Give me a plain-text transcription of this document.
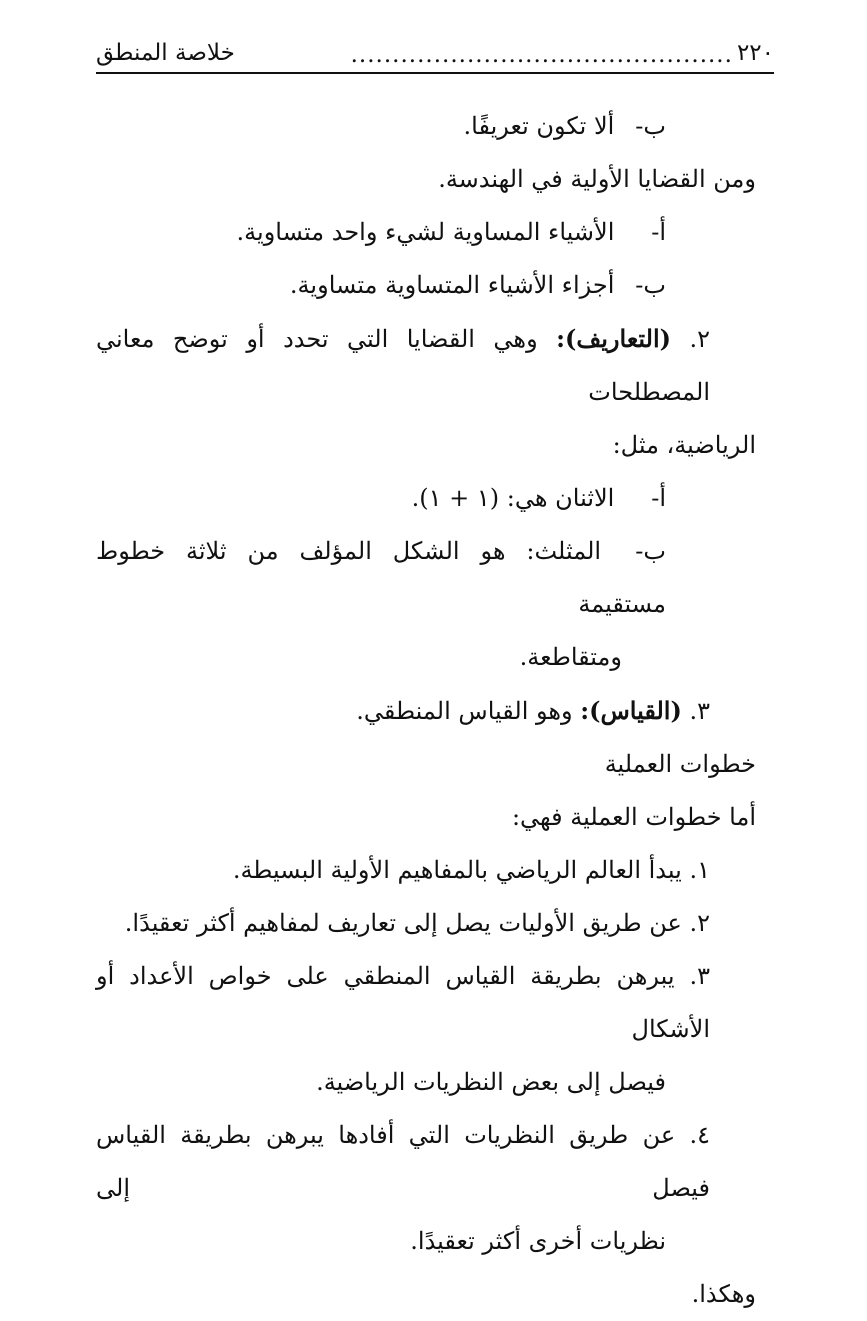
٢٢٠
..............................................
خلاصة المنطق
ب- ألا تكون تعريفًا.
ومن القضايا الأولية في الهندسة.
أ- الأشياء المساوية لشيء واحد متساوية.
ب- أجزاء الأشياء المتساوية متساوية.
٢. (التعاريف): وهي القضايا التي تحدد أو توضح معاني المصطلحات
الرياضية، مثل:
أ- الاثنان هي: (١ + ١).
ب- المثلث: هو الشكل المؤلف من ثلاثة خطوط مستقيمة
ومتقاطعة.
٣. (القياس): وهو القياس المنطقي.
خطوات العملية
أما خطوات العملية فهي:
١. يبدأ العالم الرياضي بالمفاهيم الأولية البسيطة.
٢. عن طريق الأوليات يصل إلى تعاريف لمفاهيم أكثر تعقيدًا.
٣. يبرهن بطريقة القياس المنطقي على خواص الأعداد أو الأشكال
فيصل إلى بعض النظريات الرياضية.
٤. عن طريق النظريات التي أفادها يبرهن بطريقة القياس فيصل إلى
نظريات أخرى أكثر تعقيدًا.
وهكذا.
